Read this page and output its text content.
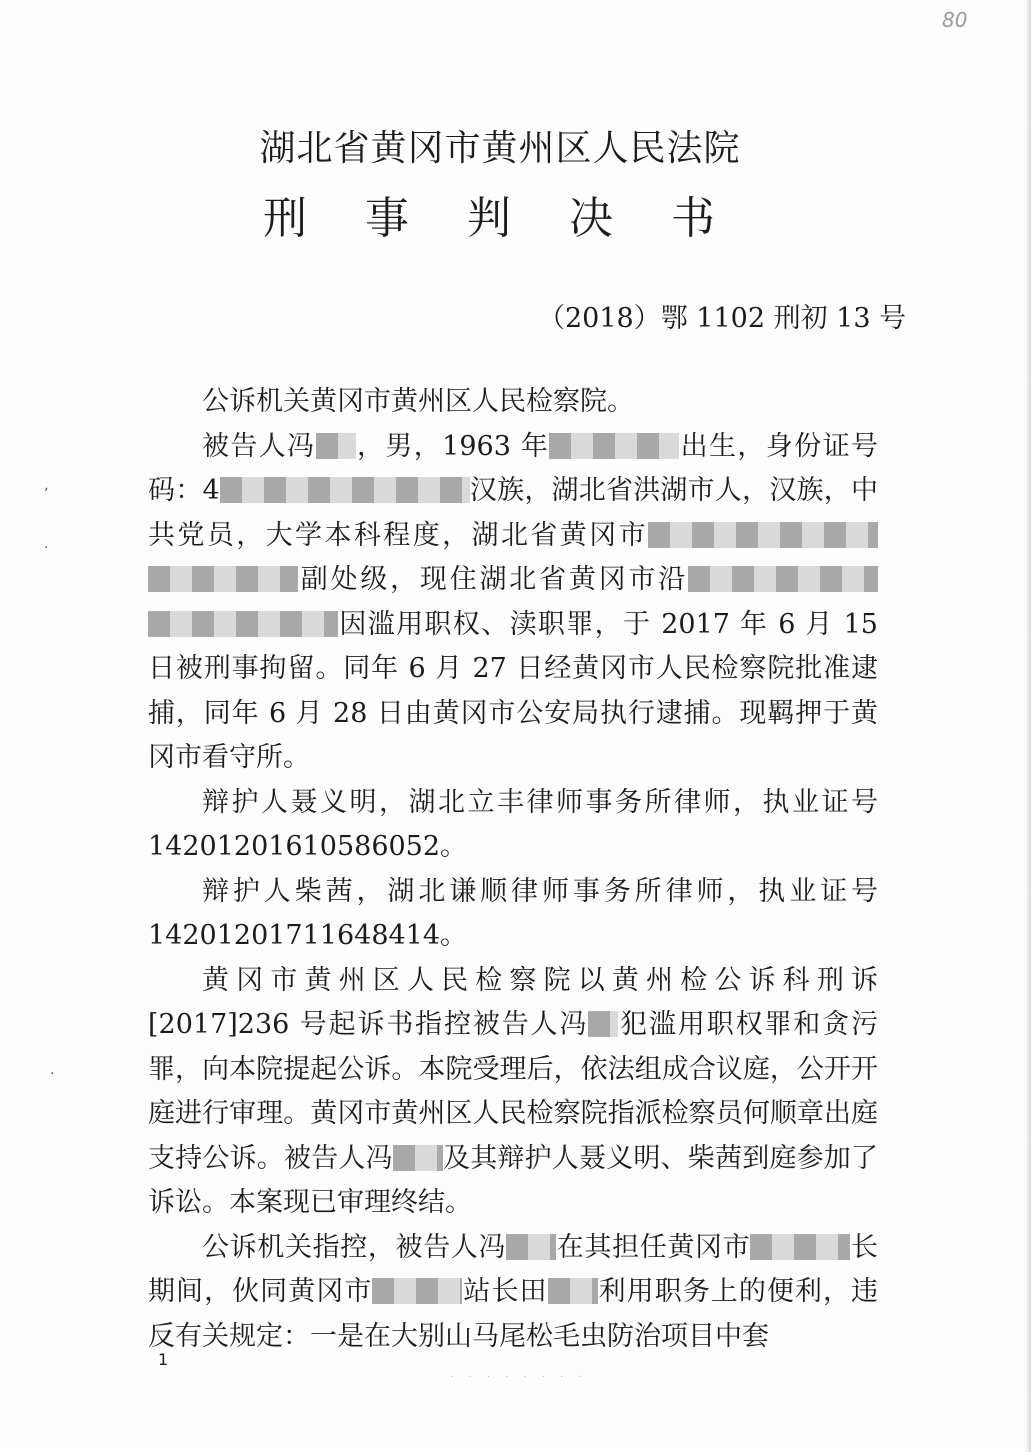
80
湖北省黄冈市黄州区人民法院
刑 事 判 决 书
（2018）鄂 1102 刑初 13 号

公诉机关黄冈市黄州区人民检察院。

被告人冯 ，男，1963 年	出生，身份证号码：4	汉族，湖北省洪湖市人，汉族，中共党员，大学本科程度，湖北省黄冈市副处级，现住湖北省黄冈市沿因滥用职权、渎职罪，于 2017 年 6 月 15 日被刑事拘留。同年 6 月 27 日经黄冈市人民检察院批准逮捕，同年 6 月 28 日由黄冈市公安局执行逮捕。现羁押于黄冈市看守所。

辩护人聂义明，湖北立丰律师事务所律师，执业证号 14201201610586052。

辩护人柴茜，湖北谦顺律师事务所律师，执业证号 14201201711648414。

黄冈市黄州区人民检察院以黄州检公诉科刑诉[2017]236 号起诉书指控被告人冯 犯滥用职权罪和贪污罪，向本院提起公诉。本院受理后，依法组成合议庭，公开开庭进行审理。黄冈市黄州区人民检察院指派检察员何顺章出庭支持公诉。被告人冯 及其辩护人聂义明、柴茜到庭参加了诉讼。本案现已审理终结。

公诉机关指控，被告人冯 在其担任黄冈市	长期间，伙同黄冈市	站长田 利用职务上的便利，违反有关规定：一是在大别山马尾松毛虫防治项目中套

ʼ
·
·
1
· · · · · · · ·
